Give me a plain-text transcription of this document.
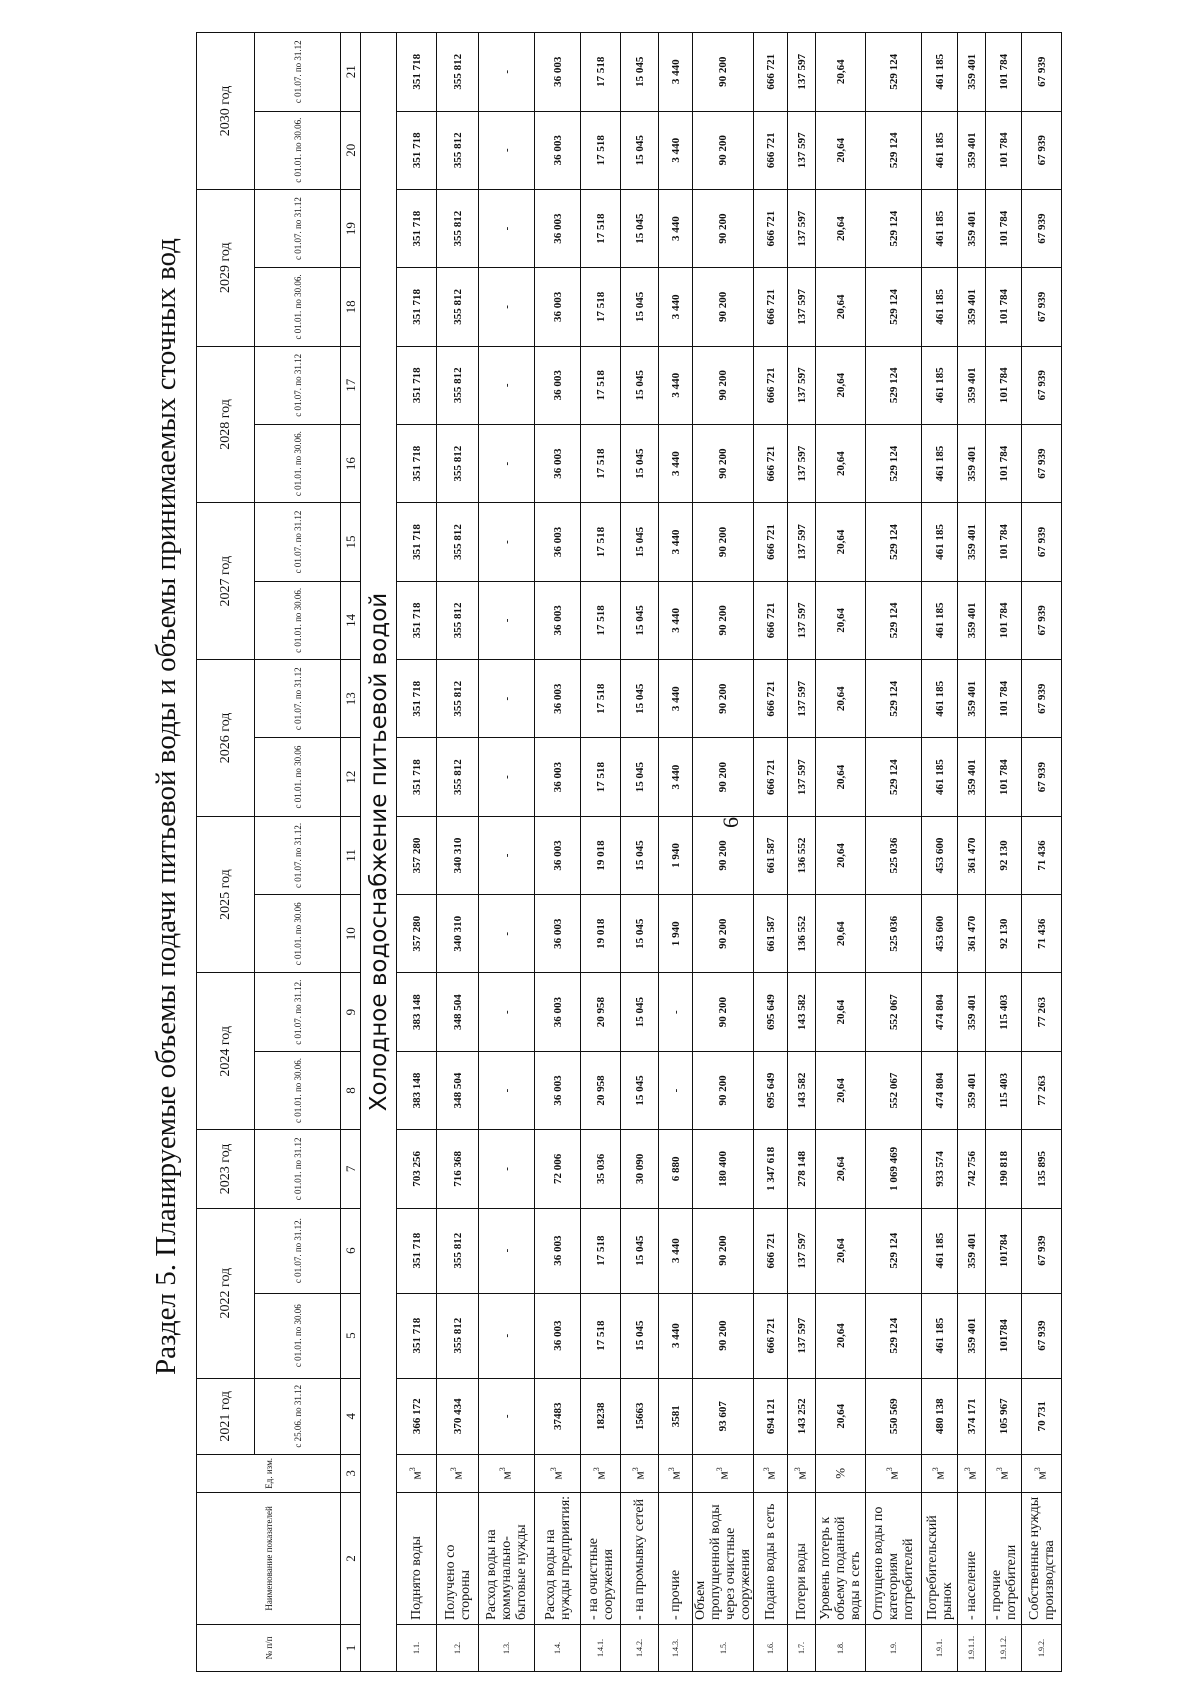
6
Раздел 5. Планируемые объемы подачи питьевой воды и объемы принимаемых сточных вод
№ п/п	Наименование показателей	Ед. изм.	2021 год	2022 год		2023 год	2024 год		2025 год		2026 год		2027 год		2028 год		2029 год		2030 год	
			с 25.06. по 31.12	с 01.01. по 30.06	с 01.07. по 31.12.	с 01.01. по 31.12	с 01.01. по 30.06.	с 01.07. по 31.12.	с 01.01. по 30.06	с 01.07. по 31.12.	с 01.01. по 30.06	с 01.07. по 31.12	с 01.01. по 30.06.	с 01.07. по 31.12	с 01.01. по 30.06.	с 01.07. по 31.12	с 01.01. по 30.06.	с 01.07. по 31.12	с 01.01. по 30.06.	с 01.07. по 31.12
1	2	3	4	5	6	7	8	9	10	11	12	13	14	15	16	17	18	19	20	21
Холодное водоснабжение питьевой водой																				
1.1.	Поднято воды	$м^3$	366 172	351 718	351 718	703 256	383 148	383 148	357 280	357 280	351 718	351 718	351 718	351 718	351 718	351 718	351 718	351 718	351 718	351 718
1.2.	Получено со стороны	$м^3$	370 434	355 812	355 812	716 368	348 504	348 504	340 310	340 310	355 812	355 812	355 812	355 812	355 812	355 812	355 812	355 812	355 812	355 812
1.3.	Расход воды на коммунально-бытовые нужды	$м^3$	-	-	-	-	-	-	-	-	-	-	-	-	-	-	-	-	-	-
1.4.	Расход воды на нужды предприятия:	$м^3$	37483	36 003	36 003	72 006	36 003	36 003	36 003	36 003	36 003	36 003	36 003	36 003	36 003	36 003	36 003	36 003	36 003	36 003
1.4.1.	- на очистные сооружения	$м^3$	18238	17 518	17 518	35 036	20 958	20 958	19 018	19 018	17 518	17 518	17 518	17 518	17 518	17 518	17 518	17 518	17 518	17 518
1.4.2.	- на промывку сетей	$м^3$	15663	15 045	15 045	30 090	15 045	15 045	15 045	15 045	15 045	15 045	15 045	15 045	15 045	15 045	15 045	15 045	15 045	15 045
1.4.3.	- прочие	$м^3$	3581	3 440	3 440	6 880	-	-	1 940	1 940	3 440	3 440	3 440	3 440	3 440	3 440	3 440	3 440	3 440	3 440
1.5.	Объем пропущенной воды через очистные сооружения	$м^3$	93 607	90 200	90 200	180 400	90 200	90 200	90 200	90 200	90 200	90 200	90 200	90 200	90 200	90 200	90 200	90 200	90 200	90 200
1.6.	Подано воды в сеть	$м^3$	694 121	666 721	666 721	1 347 618	695 649	695 649	661 587	661 587	666 721	666 721	666 721	666 721	666 721	666 721	666 721	666 721	666 721	666 721
1.7.	Потери воды	$м^3$	143 252	137 597	137 597	278 148	143 582	143 582	136 552	136 552	137 597	137 597	137 597	137 597	137 597	137 597	137 597	137 597	137 597	137 597
1.8.	Уровень потерь к объему поданной воды в сеть	%	20,64	20,64	20,64	20,64	20,64	20,64	20,64	20,64	20,64	20,64	20,64	20,64	20,64	20,64	20,64	20,64	20,64	20,64
1.9.	Отпущено воды по категориям потребителей	$м^3$	550 569	529 124	529 124	1 069 469	552 067	552 067	525 036	525 036	529 124	529 124	529 124	529 124	529 124	529 124	529 124	529 124	529 124	529 124
1.9.1.	Потребительский рынок	$м^3$	480 138	461 185	461 185	933 574	474 804	474 804	453 600	453 600	461 185	461 185	461 185	461 185	461 185	461 185	461 185	461 185	461 185	461 185
1.9.1.1.	- население	$м^3$	374 171	359 401	359 401	742 756	359 401	359 401	361 470	361 470	359 401	359 401	359 401	359 401	359 401	359 401	359 401	359 401	359 401	359 401
1.9.1.2.	- прочие потребители	$м^3$	105 967	101784	101784	190 818	115 403	115 403	92 130	92 130	101 784	101 784	101 784	101 784	101 784	101 784	101 784	101 784	101 784	101 784
1.9.2.	Собственные нужды производства	$м^3$	70 731	67 939	67 939	135 895	77 263	77 263	71 436	71 436	67 939	67 939	67 939	67 939	67 939	67 939	67 939	67 939	67 939	67 939
